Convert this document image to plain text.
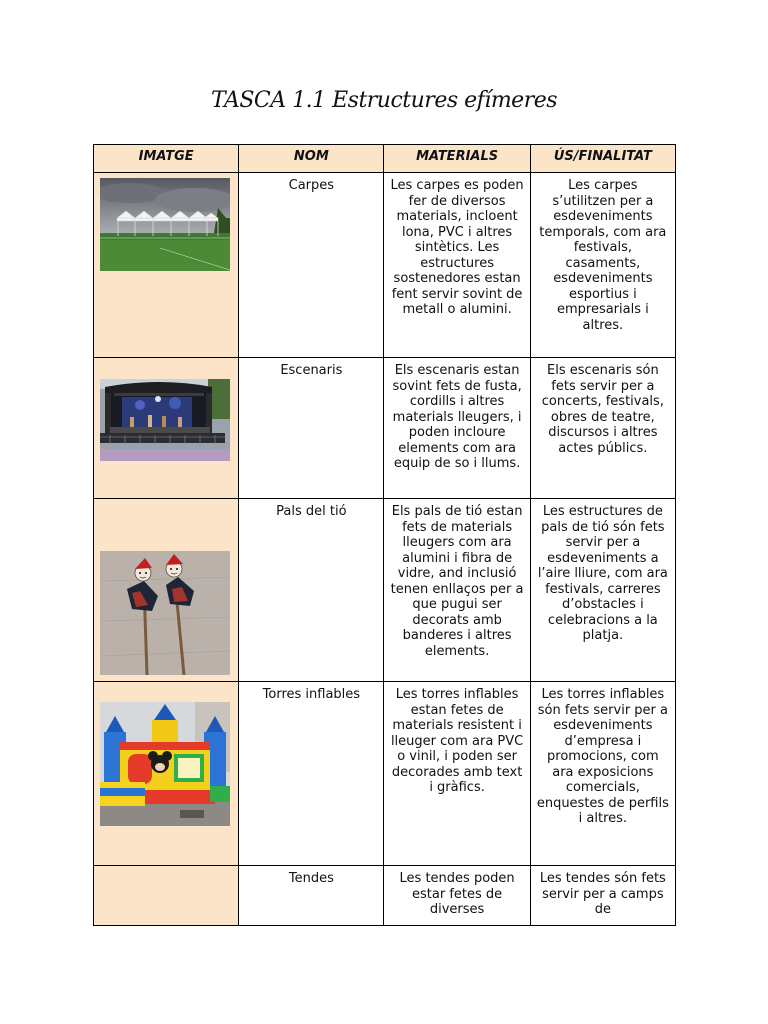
TASCA 1.1 Estructures efímeres
IMATGE	NOM	MATERIALS	ÚS/FINALITAT

	Carpes	Les carpes es poden fer de diversos materials, incloent lona, PVC i altres sintètics. Les estructures sostenedores estan fent servir sovint de metall o alumini.	Les carpes s’utilitzen per a esdeveniments temporals, com ara festivals, casaments, esdeveniments esportius i empresarials i altres.

	Escenaris	Els escenaris estan sovint fets de fusta, cordills i altres materials lleugers, i poden incloure elements com ara equip de so i llums.	Els escenaris són fets servir per a concerts, festivals, obres de teatre, discursos i altres actes públics.

	Pals del tió	Els pals de tió estan fets de materials lleugers com ara alumini i fibra de vidre, and inclusió tenen enllaços per a que pugui ser decorats amb banderes i altres elements.	Les estructures de pals de tió són fets servir per a esdeveniments a l’aire lliure, com ara festivals, carreres d’obstacles i celebracions a la platja.

	Torres inflables	Les torres inflables estan fetes de materials resistent i lleuger com ara PVC o vinil, i poden ser decorades amb text i gràfics.	Les torres inflables són fets servir per a esdeveniments d’empresa i promocions, com ara exposicions comercials, enquestes de perfils i altres.
	Tendes	Les tendes poden estar fetes de diverses	Les tendes són fets servir per a camps de
